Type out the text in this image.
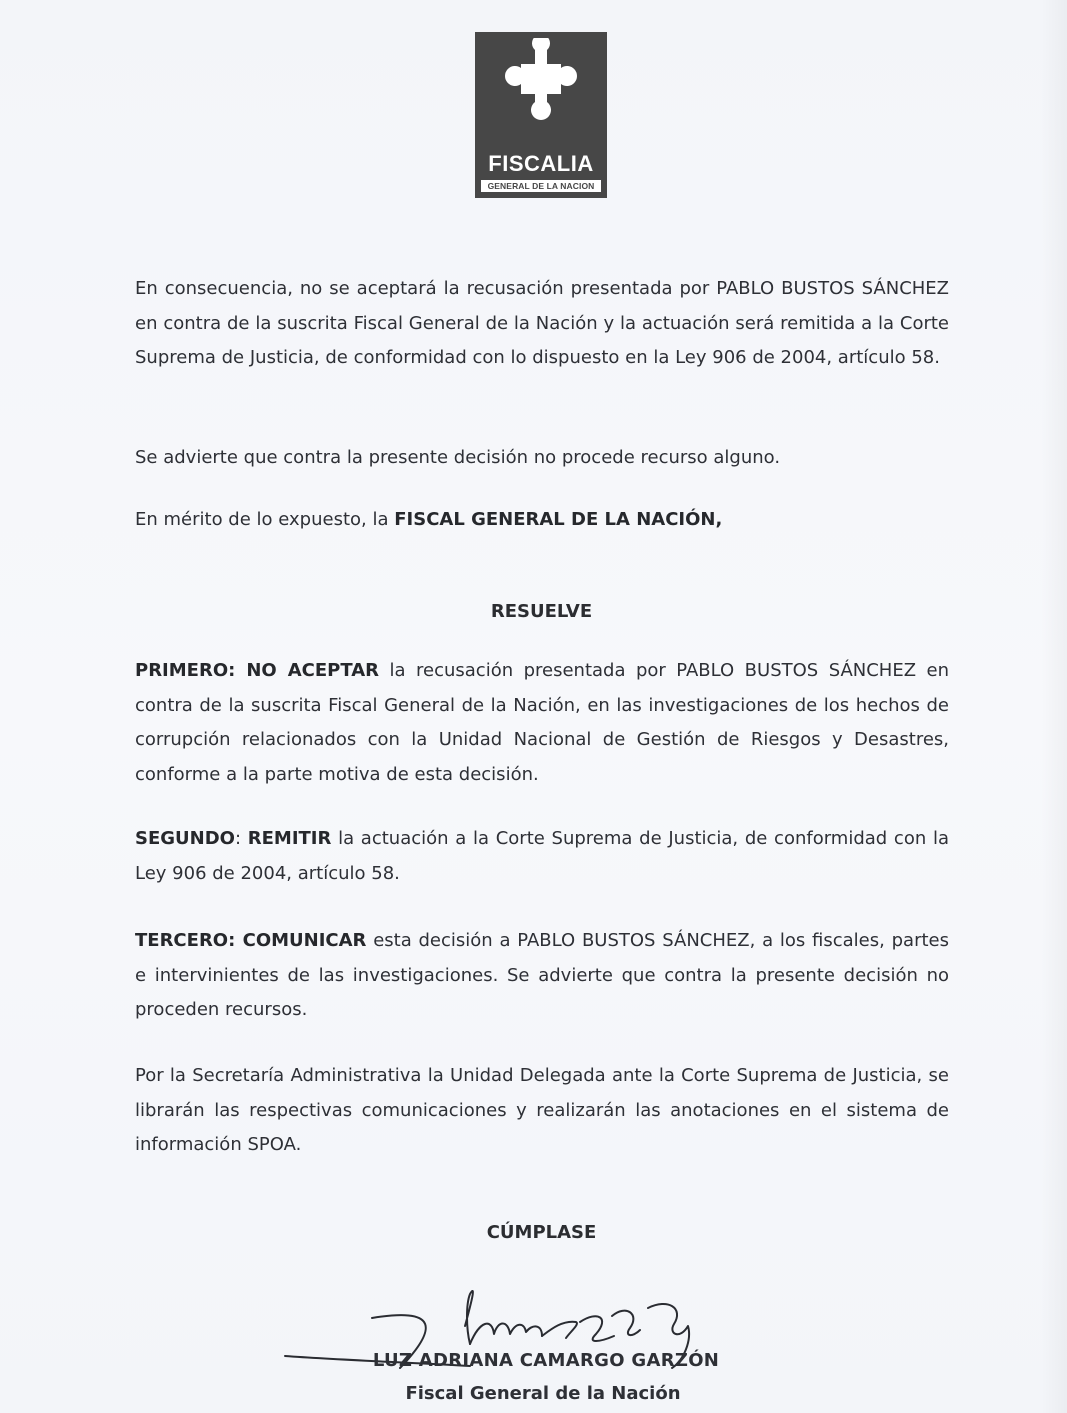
FISCALIA
GENERAL DE LA NACION

En consecuencia, no se aceptará la recusación presentada por PABLO BUSTOS SÁNCHEZ en contra de la suscrita Fiscal General de la Nación y la actuación será remitida a la Corte Suprema de Justicia, de conformidad con lo dispuesto en la Ley 906 de 2004, artículo 58.

Se advierte que contra la presente decisión no procede recurso alguno.

En mérito de lo expuesto, la FISCAL GENERAL DE LA NACIÓN,

RESUELVE

PRIMERO: NO ACEPTAR la recusación presentada por PABLO BUSTOS SÁNCHEZ en contra de la suscrita Fiscal General de la Nación, en las investigaciones de los hechos de corrupción relacionados con la Unidad Nacional de Gestión de Riesgos y Desastres, conforme a la parte motiva de esta decisión.

SEGUNDO: REMITIR la actuación a la Corte Suprema de Justicia, de conformidad con la Ley 906 de 2004, artículo 58.

TERCERO: COMUNICAR esta decisión a PABLO BUSTOS SÁNCHEZ, a los fiscales, partes e intervinientes de las investigaciones. Se advierte que contra la presente decisión no proceden recursos.

Por la Secretaría Administrativa la Unidad Delegada ante la Corte Suprema de Justicia, se librarán las respectivas comunicaciones y realizarán las anotaciones en el sistema de información SPOA.

CÚMPLASE

LUZ ADRIANA CAMARGO GARZÓN
Fiscal General de la Nación
